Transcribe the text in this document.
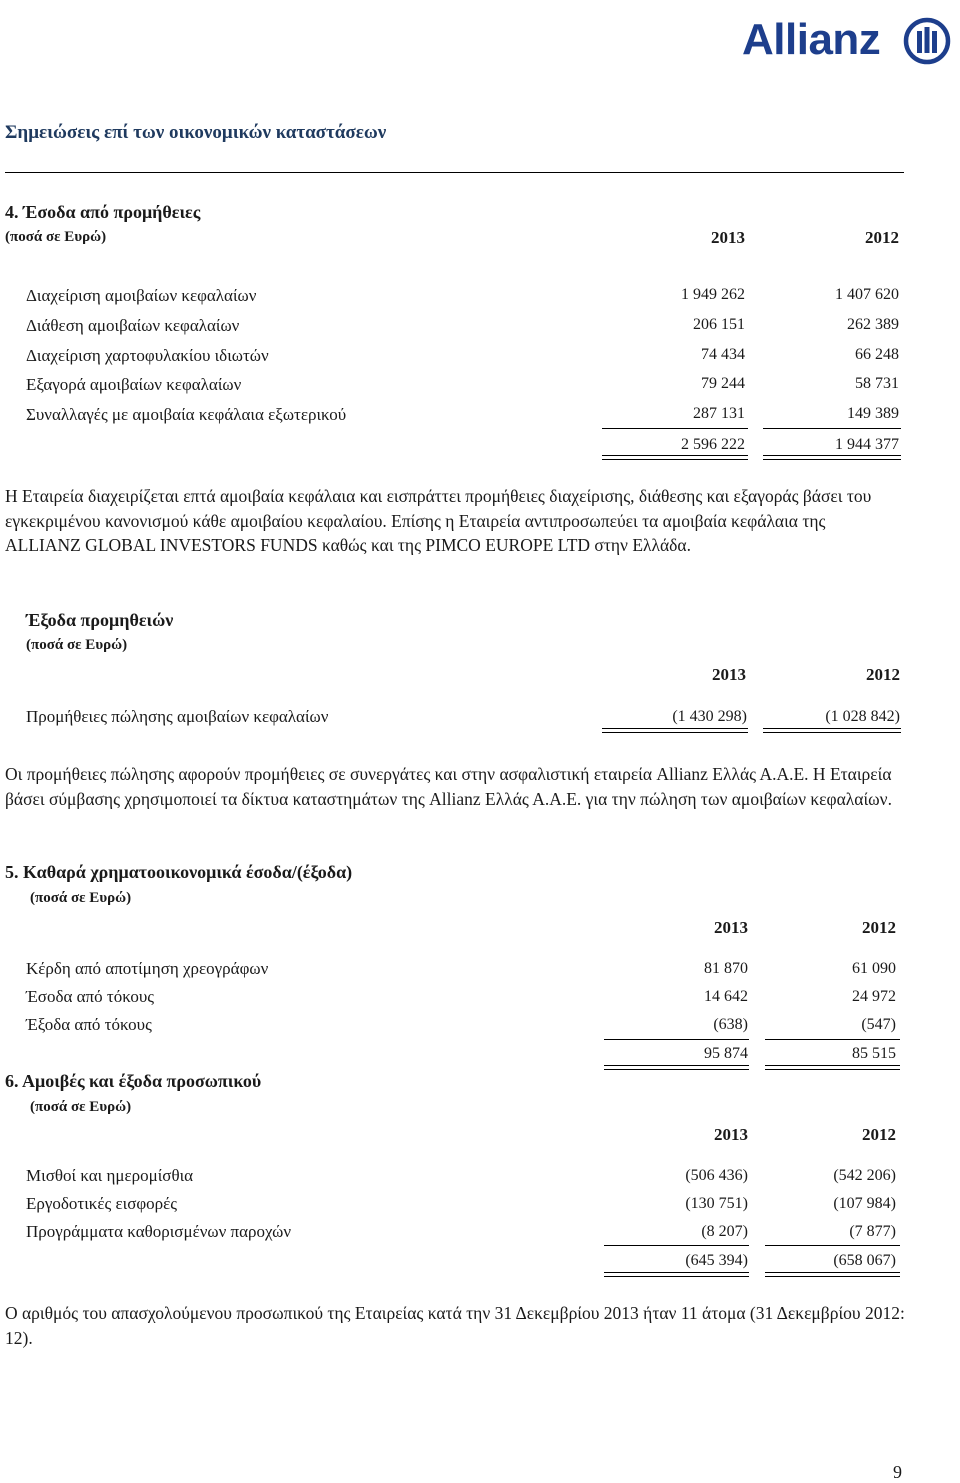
Allianz
Σημειώσεις επί των οικονομικών καταστάσεων
4. Έσοδα από προμήθειες
(ποσά σε Ευρώ)	2013	2012
Διαχείριση αμοιβαίων κεφαλαίων	1 949 262	1 407 620
Διάθεση αμοιβαίων κεφαλαίων	206 151	262 389
Διαχείριση χαρτοφυλακίου ιδιωτών	74 434	66 248
Εξαγορά αμοιβαίων κεφαλαίων	79 244	58 731
Συναλλαγές με αμοιβαία κεφάλαια εξωτερικού	287 131	149 389
2 596 222	1 944 377
Η Εταιρεία διαχειρίζεται επτά αμοιβαία κεφάλαια και εισπράττει προμήθειες διαχείρισης, διάθεσης και εξαγοράς βάσει του εγκεκριμένου κανονισμού κάθε αμοιβαίου κεφαλαίου. Επίσης η Εταιρεία αντιπροσωπεύει τα αμοιβαία κεφάλαια της ALLIANZ GLOBAL INVESTORS FUNDS καθώς και της PIMCO EUROPE LTD στην Ελλάδα.
Έξοδα προμηθειών
(ποσά σε Ευρώ)
2013	2012
Προμήθειες πώλησης αμοιβαίων κεφαλαίων	(1 430 298)	(1 028 842)
Οι προμήθειες πώλησης αφορούν προμήθειες σε συνεργάτες και στην ασφαλιστική εταιρεία Allianz Ελλάς Α.Α.Ε. Η Εταιρεία βάσει σύμβασης χρησιμοποιεί τα δίκτυα καταστημάτων της Allianz Ελλάς Α.Α.Ε. για την πώληση των αμοιβαίων κεφαλαίων.
5. Καθαρά χρηματοοικονομικά έσοδα/(έξοδα)
(ποσά σε Ευρώ)
2013	2012
Κέρδη από αποτίμηση χρεογράφων	81 870	61 090
Έσοδα από τόκους	14 642	24 972
Έξοδα από τόκους	(638)	(547)
95 874	85 515
6. Αμοιβές και έξοδα προσωπικού
(ποσά σε Ευρώ)
2013	2012
Μισθοί και ημερομίσθια	(506 436)	(542 206)
Εργοδοτικές εισφορές	(130 751)	(107 984)
Προγράμματα καθορισμένων παροχών	(8 207)	(7 877)
(645 394)	(658 067)
Ο αριθμός του απασχολούμενου προσωπικού της Εταιρείας κατά την 31 Δεκεμβρίου 2013 ήταν 11 άτομα (31 Δεκεμβρίου 2012: 12).
9
